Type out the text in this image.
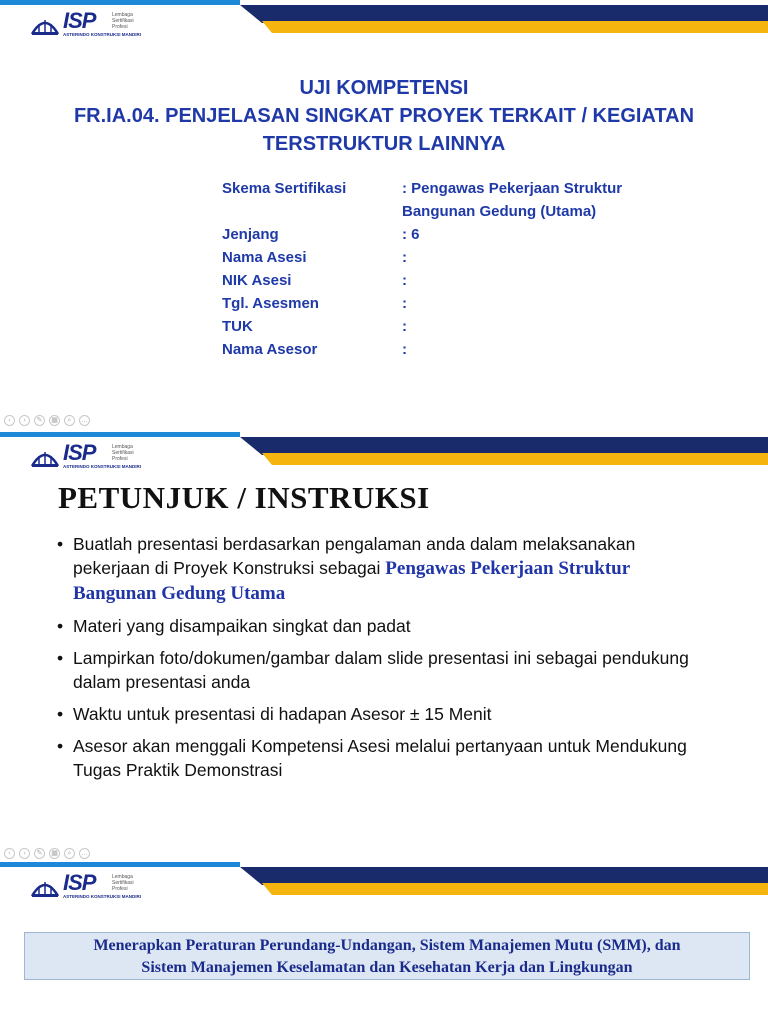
ISP	Lembaga
Sertifikasi
Profesi
ASTERINDO KONSTRUKSI MANDIRI
UJI KOMPETENSI
FR.IA.04. PENJELASAN SINGKAT PROYEK TERKAIT / KEGIATAN
TERSTRUKTUR LAINNYA
Skema Sertifikasi	: Pengawas Pekerjaan Struktur
Bangunan Gedung (Utama)
Jenjang	: 6
Nama Asesi	:
NIK Asesi	:
Tgl. Asesmen	:
TUK	:
Nama Asesor	:
‹	›	✎	▦	⌕	…
ISP	Lembaga
Sertifikasi
Profesi
ASTERINDO KONSTRUKSI MANDIRI
PETUNJUK / INSTRUKSI
• Buatlah presentasi berdasarkan pengalaman anda dalam melaksanakan pekerjaan di Proyek Konstruksi sebagai Pengawas Pekerjaan Struktur Bangunan Gedung Utama
• Materi yang disampaikan singkat dan padat
• Lampirkan foto/dokumen/gambar dalam slide presentasi ini sebagai pendukung dalam presentasi anda
• Waktu untuk presentasi di hadapan Asesor ± 15 Menit
• Asesor akan menggali Kompetensi Asesi melalui pertanyaan untuk Mendukung Tugas Praktik Demonstrasi
‹	›	✎	▦	⌕	…
ISP	Lembaga
Sertifikasi
Profesi
ASTERINDO KONSTRUKSI MANDIRI
Menerapkan Peraturan Perundang-Undangan, Sistem Manajemen Mutu (SMM), dan
Sistem Manajemen Keselamatan dan Kesehatan Kerja dan Lingkungan
